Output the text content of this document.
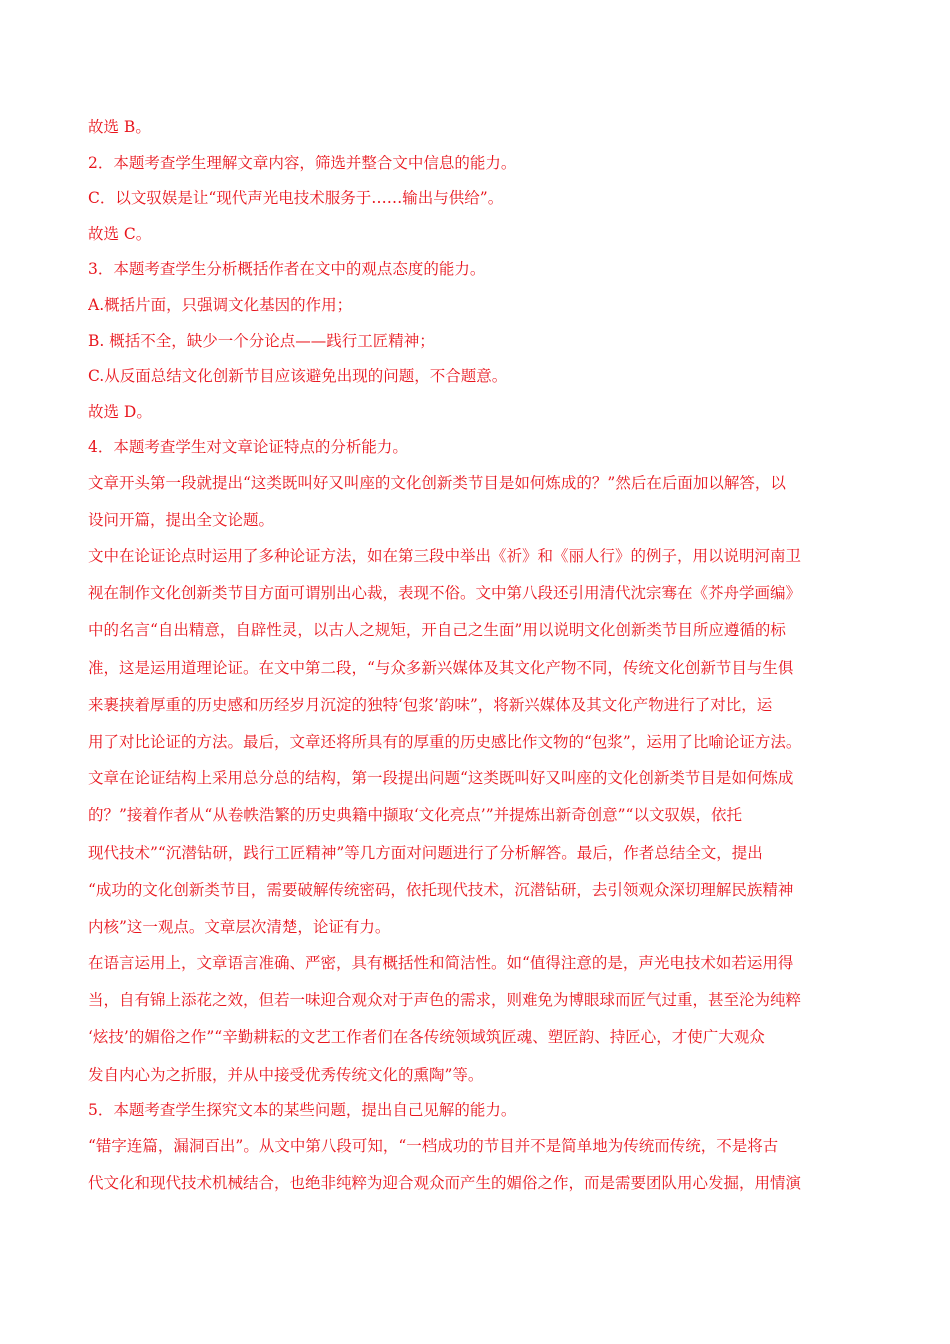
故选 B。
2．本题考查学生理解文章内容，筛选并整合文中信息的能力。
C．以文驭娱是让“现代声光电技术服务于……输出与供给”。
故选 C。
3．本题考查学生分析概括作者在文中的观点态度的能力。
A.概括片面，只强调文化基因的作用；
B. 概括不全，缺少一个分论点——践行工匠精神；
C.从反面总结文化创新节目应该避免出现的问题，不合题意。
故选 D。
4．本题考查学生对文章论证特点的分析能力。
文章开头第一段就提出“这类既叫好又叫座的文化创新类节目是如何炼成的？”然后在后面加以解答，以
设问开篇，提出全文论题。
文中在论证论点时运用了多种论证方法，如在第三段中举出《祈》和《丽人行》的例子，用以说明河南卫
视在制作文化创新类节目方面可谓别出心裁，表现不俗。文中第八段还引用清代沈宗骞在《芥舟学画编》
中的名言“自出精意，自辟性灵，以古人之规矩，开自己之生面”用以说明文化创新类节目所应遵循的标
准，这是运用道理论证。在文中第二段，“与众多新兴媒体及其文化产物不同，传统文化创新节目与生俱
来裹挟着厚重的历史感和历经岁月沉淀的独特‘包浆’韵味”，将新兴媒体及其文化产物进行了对比，运
用了对比论证的方法。最后，文章还将所具有的厚重的历史感比作文物的“包浆”，运用了比喻论证方法。
文章在论证结构上采用总分总的结构，第一段提出问题“这类既叫好又叫座的文化创新类节目是如何炼成
的？”接着作者从“从卷帙浩繁的历史典籍中撷取‘文化亮点’”并提炼出新奇创意”“以文驭娱，依托
现代技术”“沉潜钻研，践行工匠精神”等几方面对问题进行了分析解答。最后，作者总结全文，提出
“成功的文化创新类节目，需要破解传统密码，依托现代技术，沉潜钻研，去引领观众深切理解民族精神
内核”这一观点。文章层次清楚，论证有力。
在语言运用上，文章语言准确、严密，具有概括性和简洁性。如“值得注意的是，声光电技术如若运用得
当，自有锦上添花之效，但若一味迎合观众对于声色的需求，则难免为博眼球而匠气过重，甚至沦为纯粹
‘炫技’的媚俗之作”“辛勤耕耘的文艺工作者们在各传统领域筑匠魂、塑匠韵、持匠心，才使广大观众
发自内心为之折服，并从中接受优秀传统文化的熏陶”等。
5．本题考查学生探究文本的某些问题，提出自己见解的能力。
“错字连篇，漏洞百出”。从文中第八段可知，“一档成功的节目并不是简单地为传统而传统，不是将古
代文化和现代技术机械结合，也绝非纯粹为迎合观众而产生的媚俗之作，而是需要团队用心发掘，用情演
